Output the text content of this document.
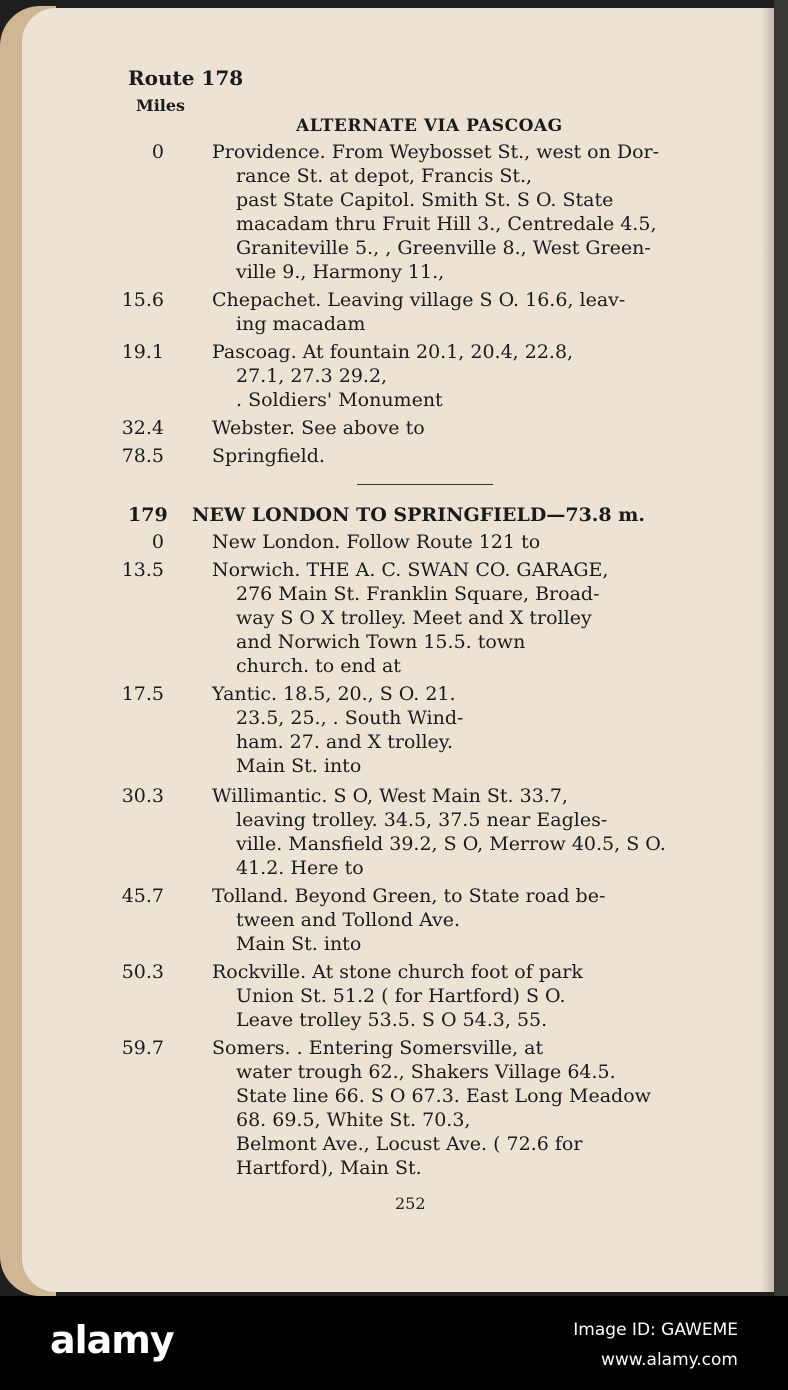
Route 178
Miles
ALTERNATE VIA PASCOAG
0	Providence. From Weybosset St., west on Dor-
rance St. at depot, Francis St.,
past State Capitol. Smith St. S O. State
macadam thru Fruit Hill 3., Centredale 4.5,
Graniteville 5., , Greenville 8., West Green-
ville 9., Harmony 11.,
15.6	Chepachet. Leaving village S O. 16.6, leav-
ing macadam
19.1	Pascoag. At fountain 20.1, 20.4, 22.8,
27.1, 27.3 29.2,
. Soldiers' Monument
32.4	Webster. See above to
78.5	Springfield.
179 NEW LONDON TO SPRINGFIELD—73.8 m.
0	New London. Follow Route 121 to
13.5	Norwich. THE A. C. SWAN CO. GARAGE,
276 Main St. Franklin Square, Broad-
way S O X trolley. Meet and X trolley
and Norwich Town 15.5. town
church. to end at
17.5	Yantic. 18.5, 20., S O. 21.
23.5, 25., . South Wind-
ham. 27. and X trolley.
Main St. into
30.3	Willimantic. S O, West Main St. 33.7,
leaving trolley. 34.5, 37.5 near Eagles-
ville. Mansfield 39.2, S O, Merrow 40.5, S O.
41.2. Here to
45.7	Tolland. Beyond Green, to State road be-
tween and Tollond Ave.
Main St. into
50.3	Rockville. At stone church foot of park
Union St. 51.2 ( for Hartford) S O.
Leave trolley 53.5. S O 54.3, 55.
59.7	Somers. . Entering Somersville, at
water trough 62., Shakers Village 64.5.
State line 66. S O 67.3. East Long Meadow
68. 69.5, White St. 70.3,
Belmont Ave., Locust Ave. ( 72.6 for
Hartford), Main St.
252
alamy	Image ID: GAWEME
www.alamy.com
